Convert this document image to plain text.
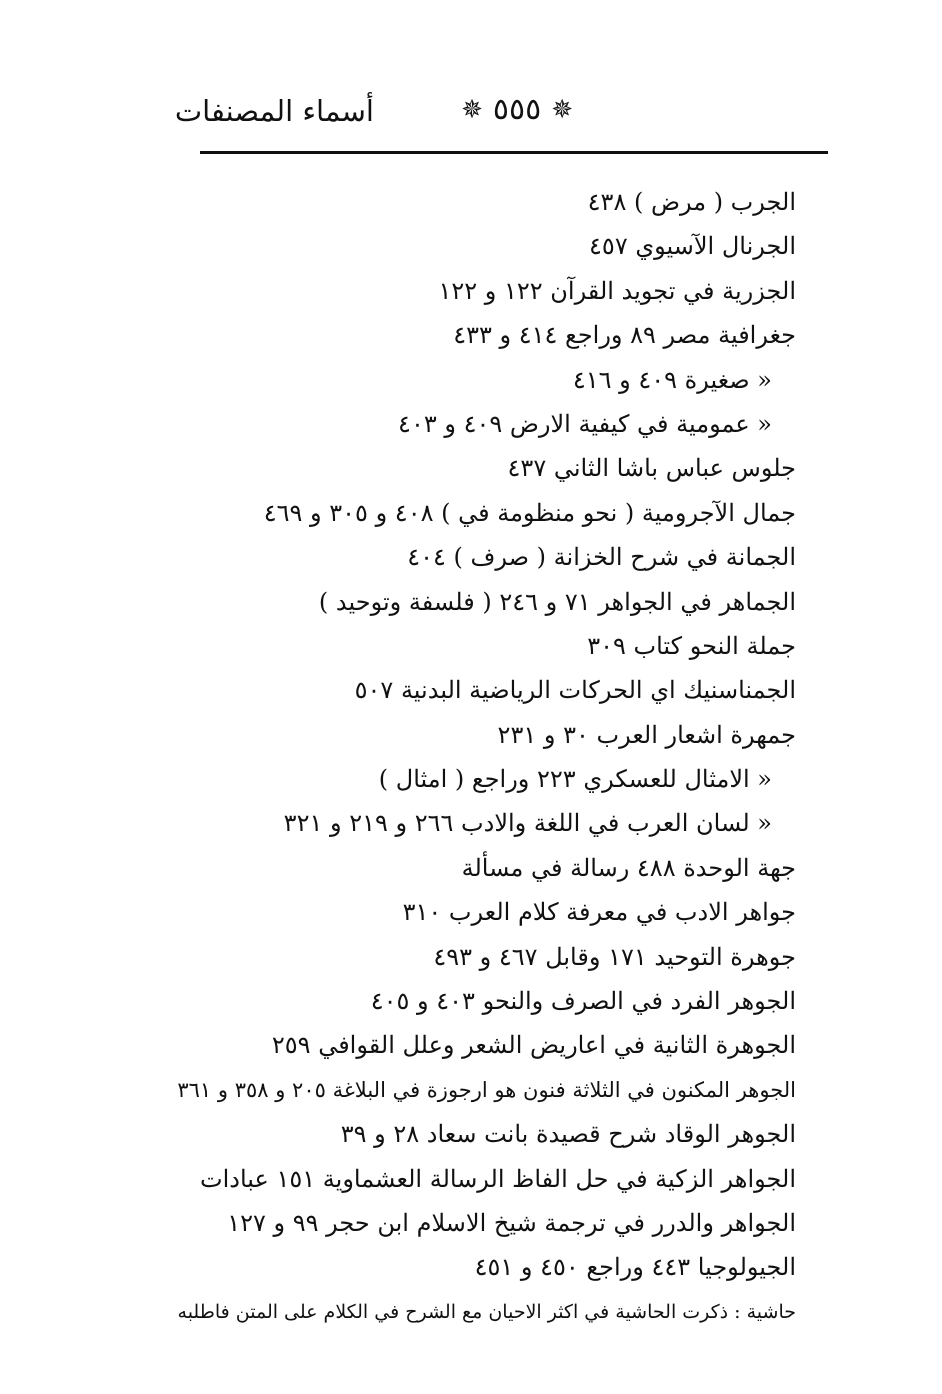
أسماء المصنفات	✵
٥٥٥
✵
الجرب ( مرض ) ٤٣٨
الجرنال الآسيوي ٤٥٧
الجزرية في تجويد القرآن ١٢٢ و ١٢٢
جغرافية مصر ٨٩ وراجع ٤١٤ و ٤٣٣
« صغيرة ٤٠٩ و ٤١٦
« عمومية في كيفية الارض ٤٠٩ و ٤٠٣
جلوس عباس باشا الثاني ٤٣٧
جمال الآجرومية ( نحو منظومة في ) ٤٠٨ و ٣٠٥ و ٤٦٩
الجمانة في شرح الخزانة ( صرف ) ٤٠٤
الجماهر في الجواهر ٧١ و ٢٤٦ ( فلسفة وتوحيد )
جملة النحو كتاب ٣٠٩
الجمناسنيك اي الحركات الرياضية البدنية ٥٠٧
جمهرة اشعار العرب ٣٠ و ٢٣١
« الامثال للعسكري ٢٢٣ وراجع ( امثال )
« لسان العرب في اللغة والادب ٢٦٦ و ٢١٩ و ٣٢١
جهة الوحدة ٤٨٨ رسالة في مسألة
جواهر الادب في معرفة كلام العرب ٣١٠
جوهرة التوحيد ١٧١ وقابل ٤٦٧ و ٤٩٣
الجوهر الفرد في الصرف والنحو ٤٠٣ و ٤٠٥
الجوهرة الثانية في اعاريض الشعر وعلل القوافي ٢٥٩
الجوهر المكنون في الثلاثة فنون هو ارجوزة في البلاغة ٢٠٥ و ٣٥٨ و ٣٦١
الجوهر الوقاد شرح قصيدة بانت سعاد ٢٨ و ٣٩
الجواهر الزكية في حل الفاظ الرسالة العشماوية ١٥١ عبادات
الجواهر والدرر في ترجمة شيخ الاسلام ابن حجر ٩٩ و ١٢٧
الجيولوجيا ٤٤٣ وراجع ٤٥٠ و ٤٥١
حاشية : ذكرت الحاشية في اكثر الاحيان مع الشرح في الكلام على المتن فاطلبه
